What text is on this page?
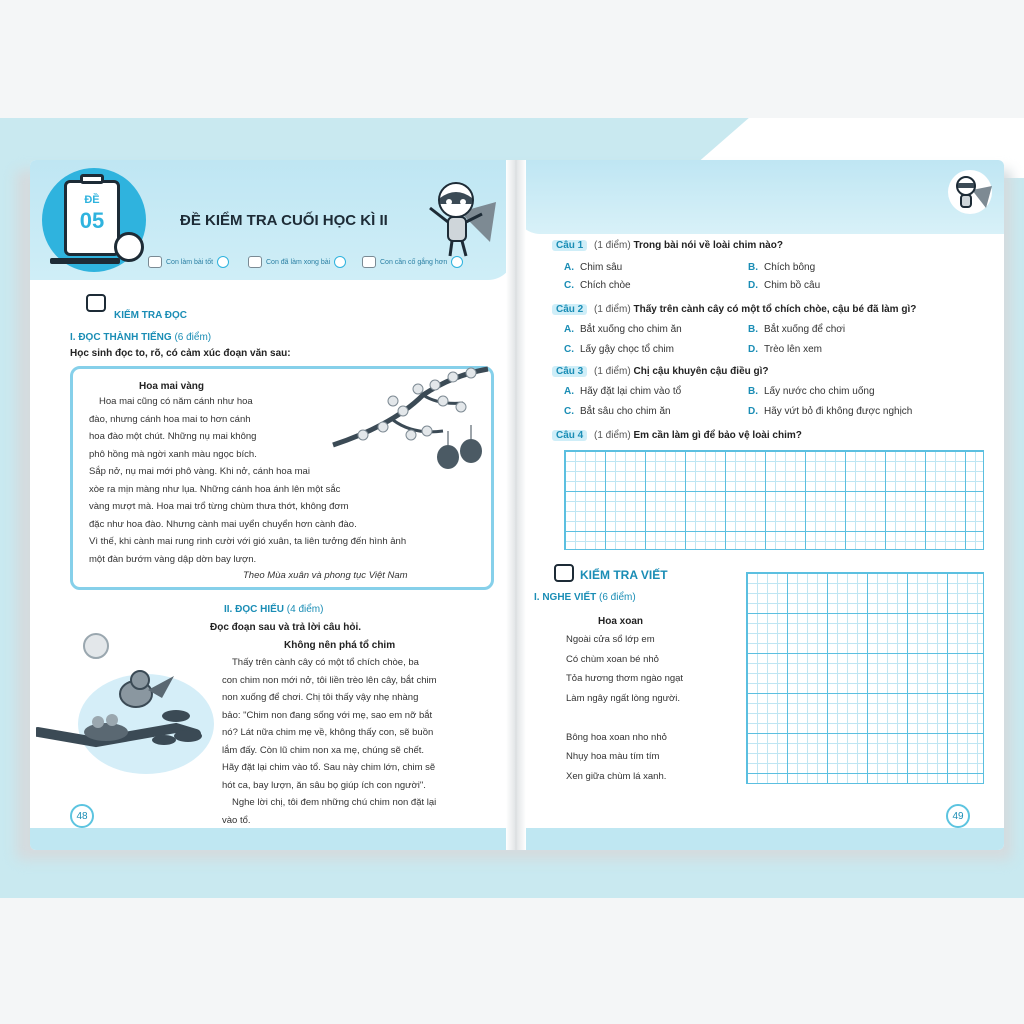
ĐỀ
05	ĐỀ KIỂM TRA CUỐI HỌC KÌ II
Con làm bài tốt	Con đã làm xong bài	Con cần cố gắng hơn
KIỂM TRA ĐỌC
I. ĐỌC THÀNH TIẾNG (6 điểm)
Học sinh đọc to, rõ, có cảm xúc đoạn văn sau:
Hoa mai vàng
Hoa mai cũng có năm cánh như hoa
đào, nhưng cánh hoa mai to hơn cánh
hoa đào một chút. Những nụ mai không
phô hồng mà ngời xanh màu ngọc bích.
Sắp nở, nụ mai mới phô vàng. Khi nở, cánh hoa mai
xòe ra mịn màng như lụa. Những cánh hoa ánh lên một sắc
vàng mượt mà. Hoa mai trổ từng chùm thưa thớt, không đơm
đặc như hoa đào. Nhưng cành mai uyển chuyển hơn cành đào.
Vì thế, khi cành mai rung rinh cười với gió xuân, ta liên tưởng đến hình ảnh
một đàn bướm vàng dập dờn bay lượn.
Theo Mùa xuân và phong tục Việt Nam
II. ĐỌC HIỂU (4 điểm)
Đọc đoạn sau và trả lời câu hỏi.
Không nên phá tổ chim
Thấy trên cành cây có một tổ chích chòe, ba
con chim non mới nở, tôi liền trèo lên cây, bắt chim
non xuống để chơi. Chị tôi thấy vậy nhẹ nhàng
bảo: "Chim non đang sống với mẹ, sao em nỡ bắt
nó? Lát nữa chim mẹ về, không thấy con, sẽ buồn
lắm đấy. Còn lũ chim non xa mẹ, chúng sẽ chết.
Hãy đặt lại chim vào tổ. Sau này chim lớn, chim sẽ
hót ca, bay lượn, ăn sâu bọ giúp ích con người".
Nghe lời chị, tôi đem những chú chim non đặt lại
vào tổ.
48
Câu 1 (1 điểm) Trong bài nói về loài chim nào?
A. Chim sâu	B. Chích bông
C. Chích chòe	D. Chim bồ câu
Câu 2 (1 điểm) Thấy trên cành cây có một tổ chích chòe, cậu bé đã làm gì?
A. Bắt xuống cho chim ăn	B. Bắt xuống để chơi
C. Lấy gậy chọc tổ chim	D. Trèo lên xem
Câu 3 (1 điểm) Chị cậu khuyên cậu điều gì?
A. Hãy đặt lại chim vào tổ	B. Lấy nước cho chim uống
C. Bắt sâu cho chim ăn	D. Hãy vứt bỏ đi không được nghịch
Câu 4 (1 điểm) Em cần làm gì để bảo vệ loài chim?
KIỂM TRA VIẾT
I. NGHE VIẾT (6 điểm)
Hoa xoan
Ngoài cửa sổ lớp em
Có chùm xoan bé nhỏ
Tỏa hương thơm ngào ngạt
Làm ngây ngất lòng người.
Bông hoa xoan nho nhỏ
Nhụy hoa màu tím tím
Xen giữa chùm lá xanh.
49
